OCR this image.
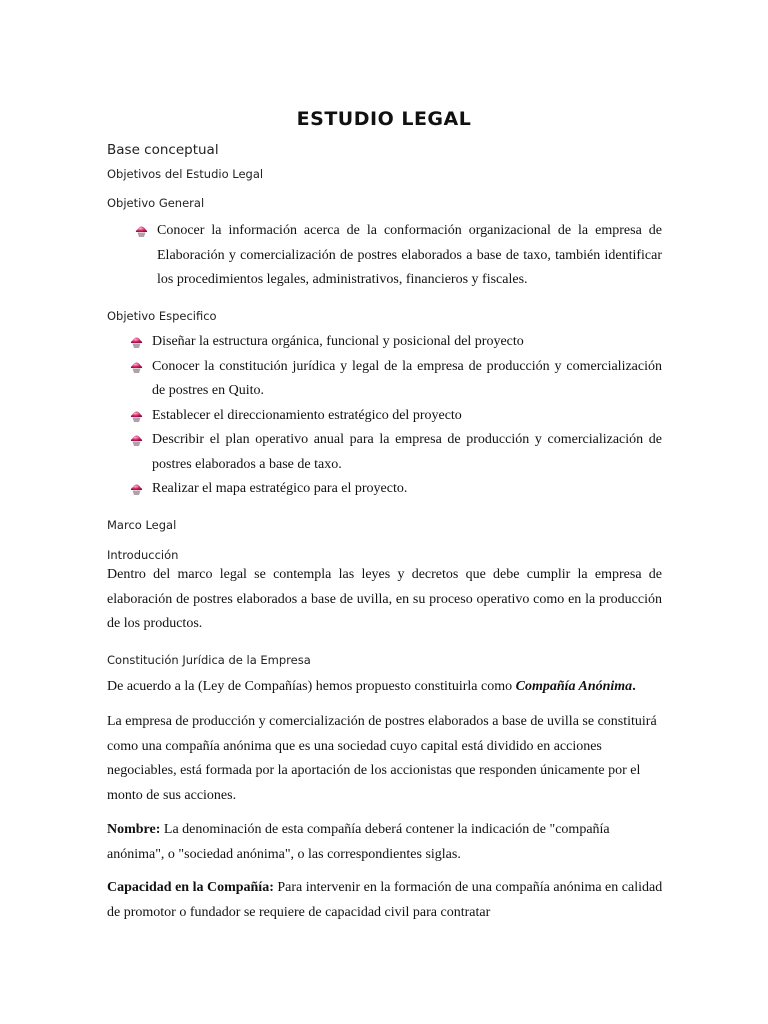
ESTUDIO LEGAL
Base conceptual
Objetivos del Estudio Legal
Objetivo General
Conocer la información acerca de la conformación organizacional de la empresa de Elaboración y comercialización de postres elaborados a base de taxo, también identificar los procedimientos legales, administrativos, financieros y fiscales.
Objetivo Especifico
Diseñar la estructura orgánica, funcional y posicional del proyecto
Conocer la constitución jurídica y legal de la empresa de producción y comercialización de postres en Quito.
Establecer el direccionamiento estratégico del proyecto
Describir el plan operativo anual para la empresa de producción y comercialización de postres elaborados a base de taxo.
Realizar el mapa estratégico para el proyecto.
Marco Legal
Introducción

Dentro del marco legal se contempla las leyes y decretos que debe cumplir la empresa de elaboración de postres elaborados a base de uvilla, en su proceso operativo como en la producción de los productos.

Constitución Jurídica de la Empresa

De acuerdo a la (Ley de Compañías) hemos propuesto constituirla como Compañía Anónima.

La empresa de producción y comercialización de postres elaborados a base de uvilla se constituirá como una compañía anónima que es una sociedad cuyo capital está dividido en acciones negociables, está formada por la aportación de los accionistas que responden únicamente por el monto de sus acciones.

Nombre: La denominación de esta compañía deberá contener la indicación de "compañía anónima", o "sociedad anónima", o las correspondientes siglas.

Capacidad en la Compañía: Para intervenir en la formación de una compañía anónima en calidad de promotor o fundador se requiere de capacidad civil para contratar
